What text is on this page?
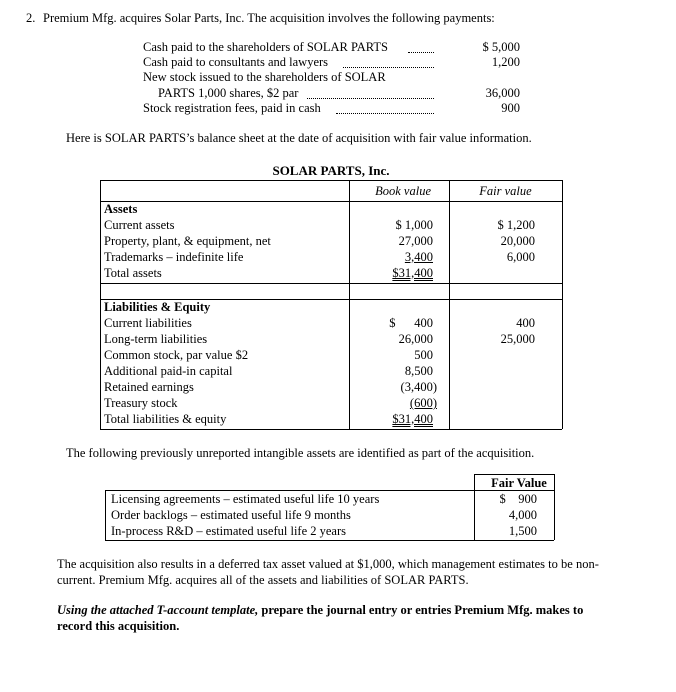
2. Premium Mfg. acquires Solar Parts, Inc. The acquisition involves the following payments:
Cash paid to the shareholders of SOLAR PARTS	$ 5,000
Cash paid to consultants and lawyers	1,200
New stock issued to the shareholders of SOLAR
PARTS 1,000 shares, $2 par	36,000
Stock registration fees, paid in cash	900
Here is SOLAR PARTS’s balance sheet at the date of acquisition with fair value information.
SOLAR PARTS, Inc.
Book value	Fair value
Assets
Current assets	$ 1,000	$ 1,200
Property, plant, & equipment, net	27,000	20,000
Trademarks – indefinite life	3,400	6,000
Total assets	$31,400
Liabilities & Equity
Current liabilities	$      400	400
Long-term liabilities	26,000	25,000
Common stock, par value $2	500
Additional paid-in capital	8,500
Retained earnings	(3,400)
Treasury stock	(600)
Total liabilities & equity	$31,400
The following previously unreported intangible assets are identified as part of the acquisition.
Fair Value
Licensing agreements – estimated useful life 10 years	$    900
Order backlogs – estimated useful life 9 months	4,000
In-process R&D – estimated useful life 2 years	1,500
The acquisition also results in a deferred tax asset valued at $1,000, which management estimates to be non-
current. Premium Mfg. acquires all of the assets and liabilities of SOLAR PARTS.
Using the attached T-account template, prepare the journal entry or entries Premium Mfg. makes to
record this acquisition.
